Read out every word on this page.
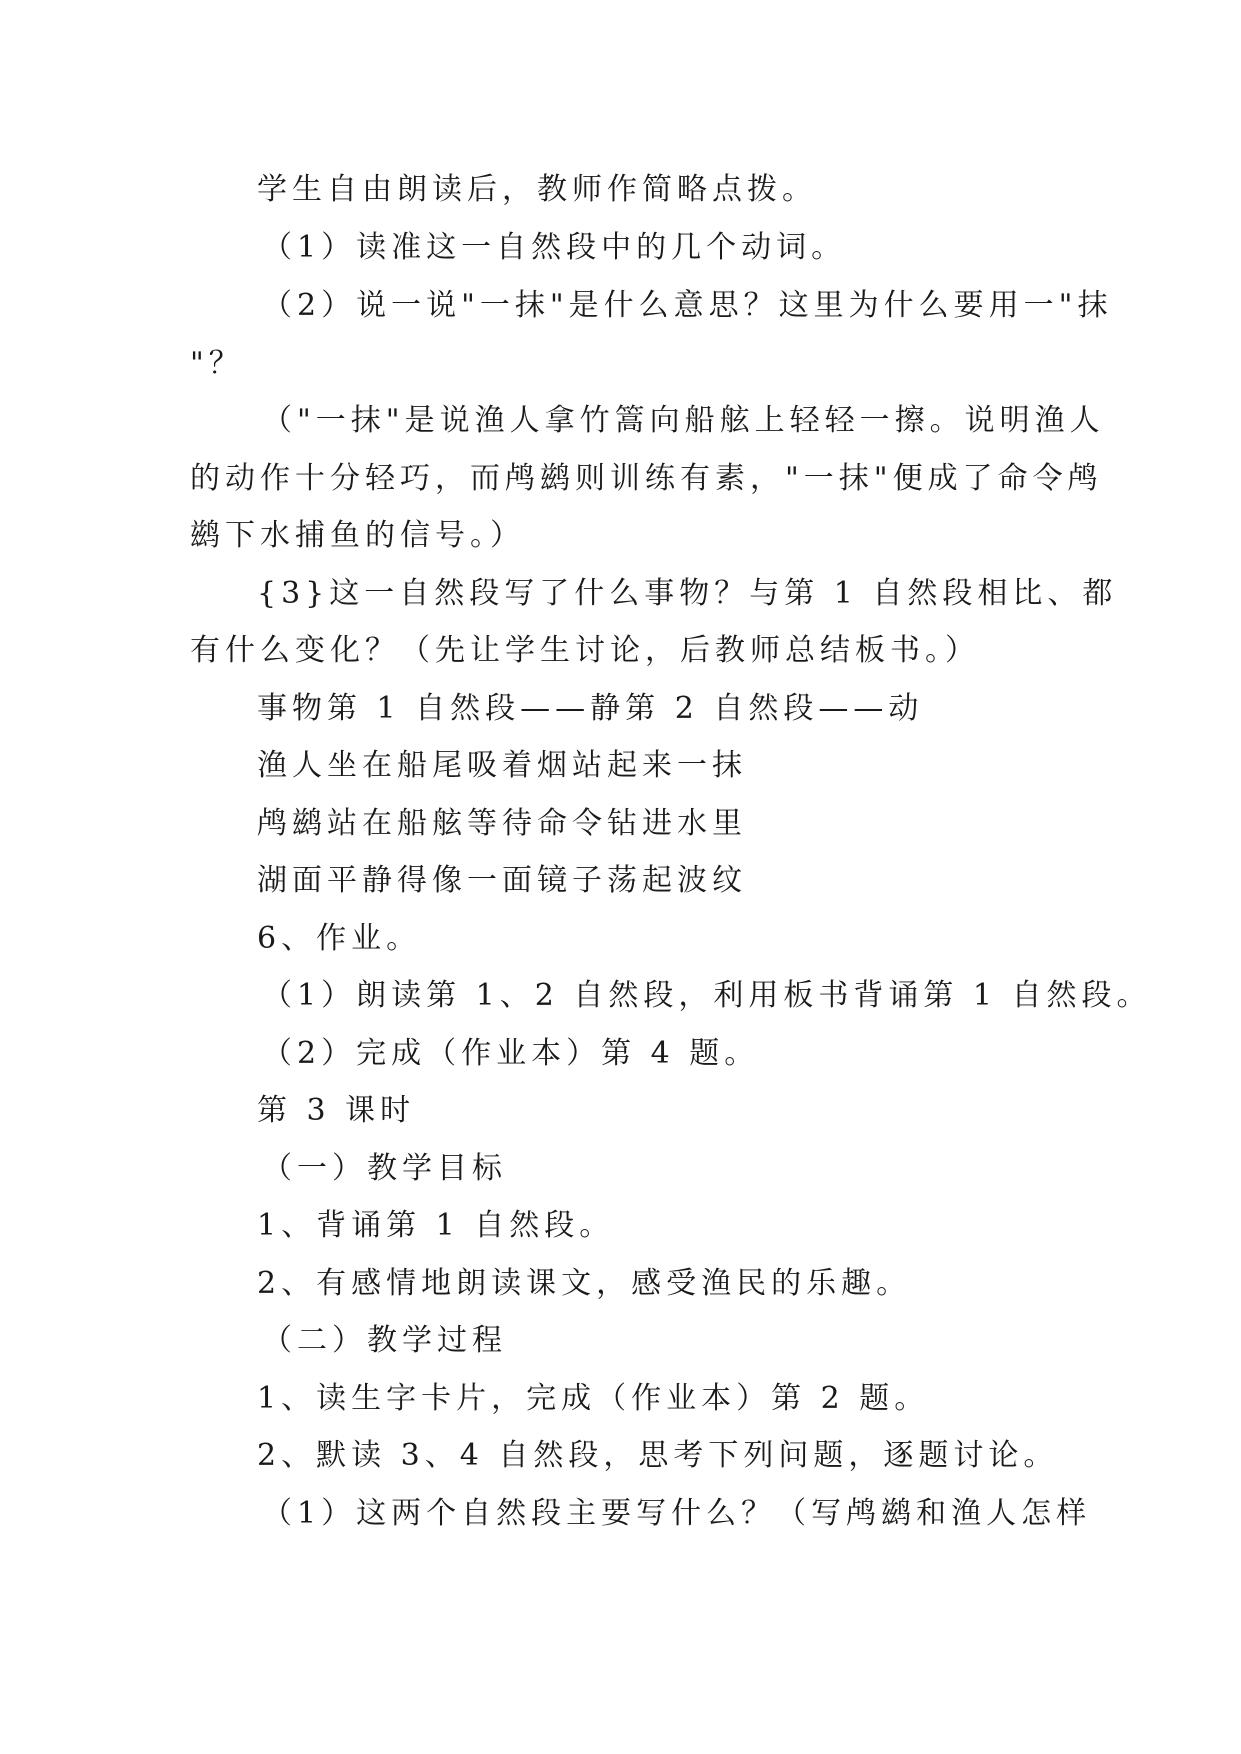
学生自由朗读后，教师作简略点拨。

（1）读准这一自然段中的几个动词。

（2）说一说"一抹"是什么意思？这里为什么要用一"抹

"？

（"一抹"是说渔人拿竹篙向船舷上轻轻一擦。说明渔人

的动作十分轻巧，而鸬鹚则训练有素，"一抹"便成了命令鸬

鹚下水捕鱼的信号。）

{3}这一自然段写了什么事物？与第 1 自然段相比、都

有什么变化？（先让学生讨论，后教师总结板书。）

事物第 1 自然段——静第 2 自然段——动

渔人坐在船尾吸着烟站起来一抹

鸬鹚站在船舷等待命令钻进水里

湖面平静得像一面镜子荡起波纹

6、作业。

（1）朗读第 1、2 自然段，利用板书背诵第 1 自然段。

（2）完成（作业本）第 4 题。

第 3 课时

（一）教学目标

1、背诵第 1 自然段。

2、有感情地朗读课文，感受渔民的乐趣。

（二）教学过程

1、读生字卡片，完成（作业本）第 2 题。

2、默读 3、4 自然段，思考下列问题，逐题讨论。

（1）这两个自然段主要写什么？（写鸬鹚和渔人怎样
